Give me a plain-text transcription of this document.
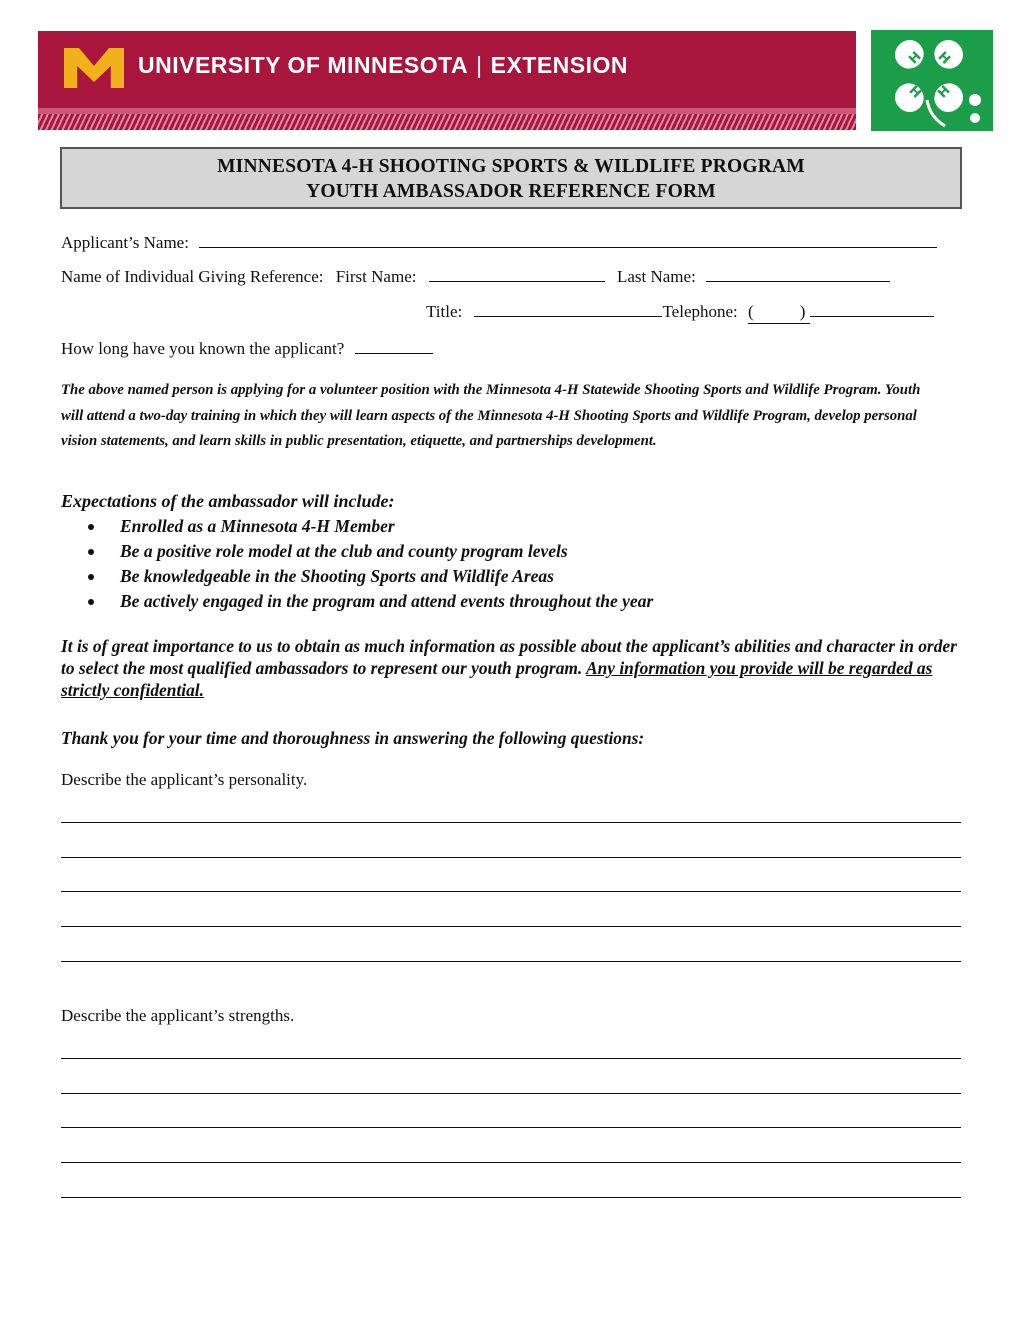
UNIVERSITY OF MINNESOTA | EXTENSION	H H
H H
MINNESOTA 4-H SHOOTING SPORTS & WILDLIFE PROGRAM
YOUTH AMBASSADOR REFERENCE FORM
Applicant’s Name:
Name of Individual Giving Reference: First Name:	Last Name:
Title:	Telephone: (	)
How long have you known the applicant?
The above named person is applying for a volunteer position with the Minnesota 4-H Statewide Shooting Sports and Wildlife Program. Youth will attend a two-day training in which they will learn aspects of the Minnesota 4-H Shooting Sports and Wildlife Program, develop personal vision statements, and learn skills in public presentation, etiquette, and partnerships development.
Expectations of the ambassador will include:
Enrolled as a Minnesota 4-H Member
Be a positive role model at the club and county program levels
Be knowledgeable in the Shooting Sports and Wildlife Areas
Be actively engaged in the program and attend events throughout the year
It is of great importance to us to obtain as much information as possible about the applicant’s abilities and character in order to select the most qualified ambassadors to represent our youth program. Any information you provide will be regarded as strictly confidential.
Thank you for your time and thoroughness in answering the following questions:
Describe the applicant’s personality.
Describe the applicant’s strengths.
